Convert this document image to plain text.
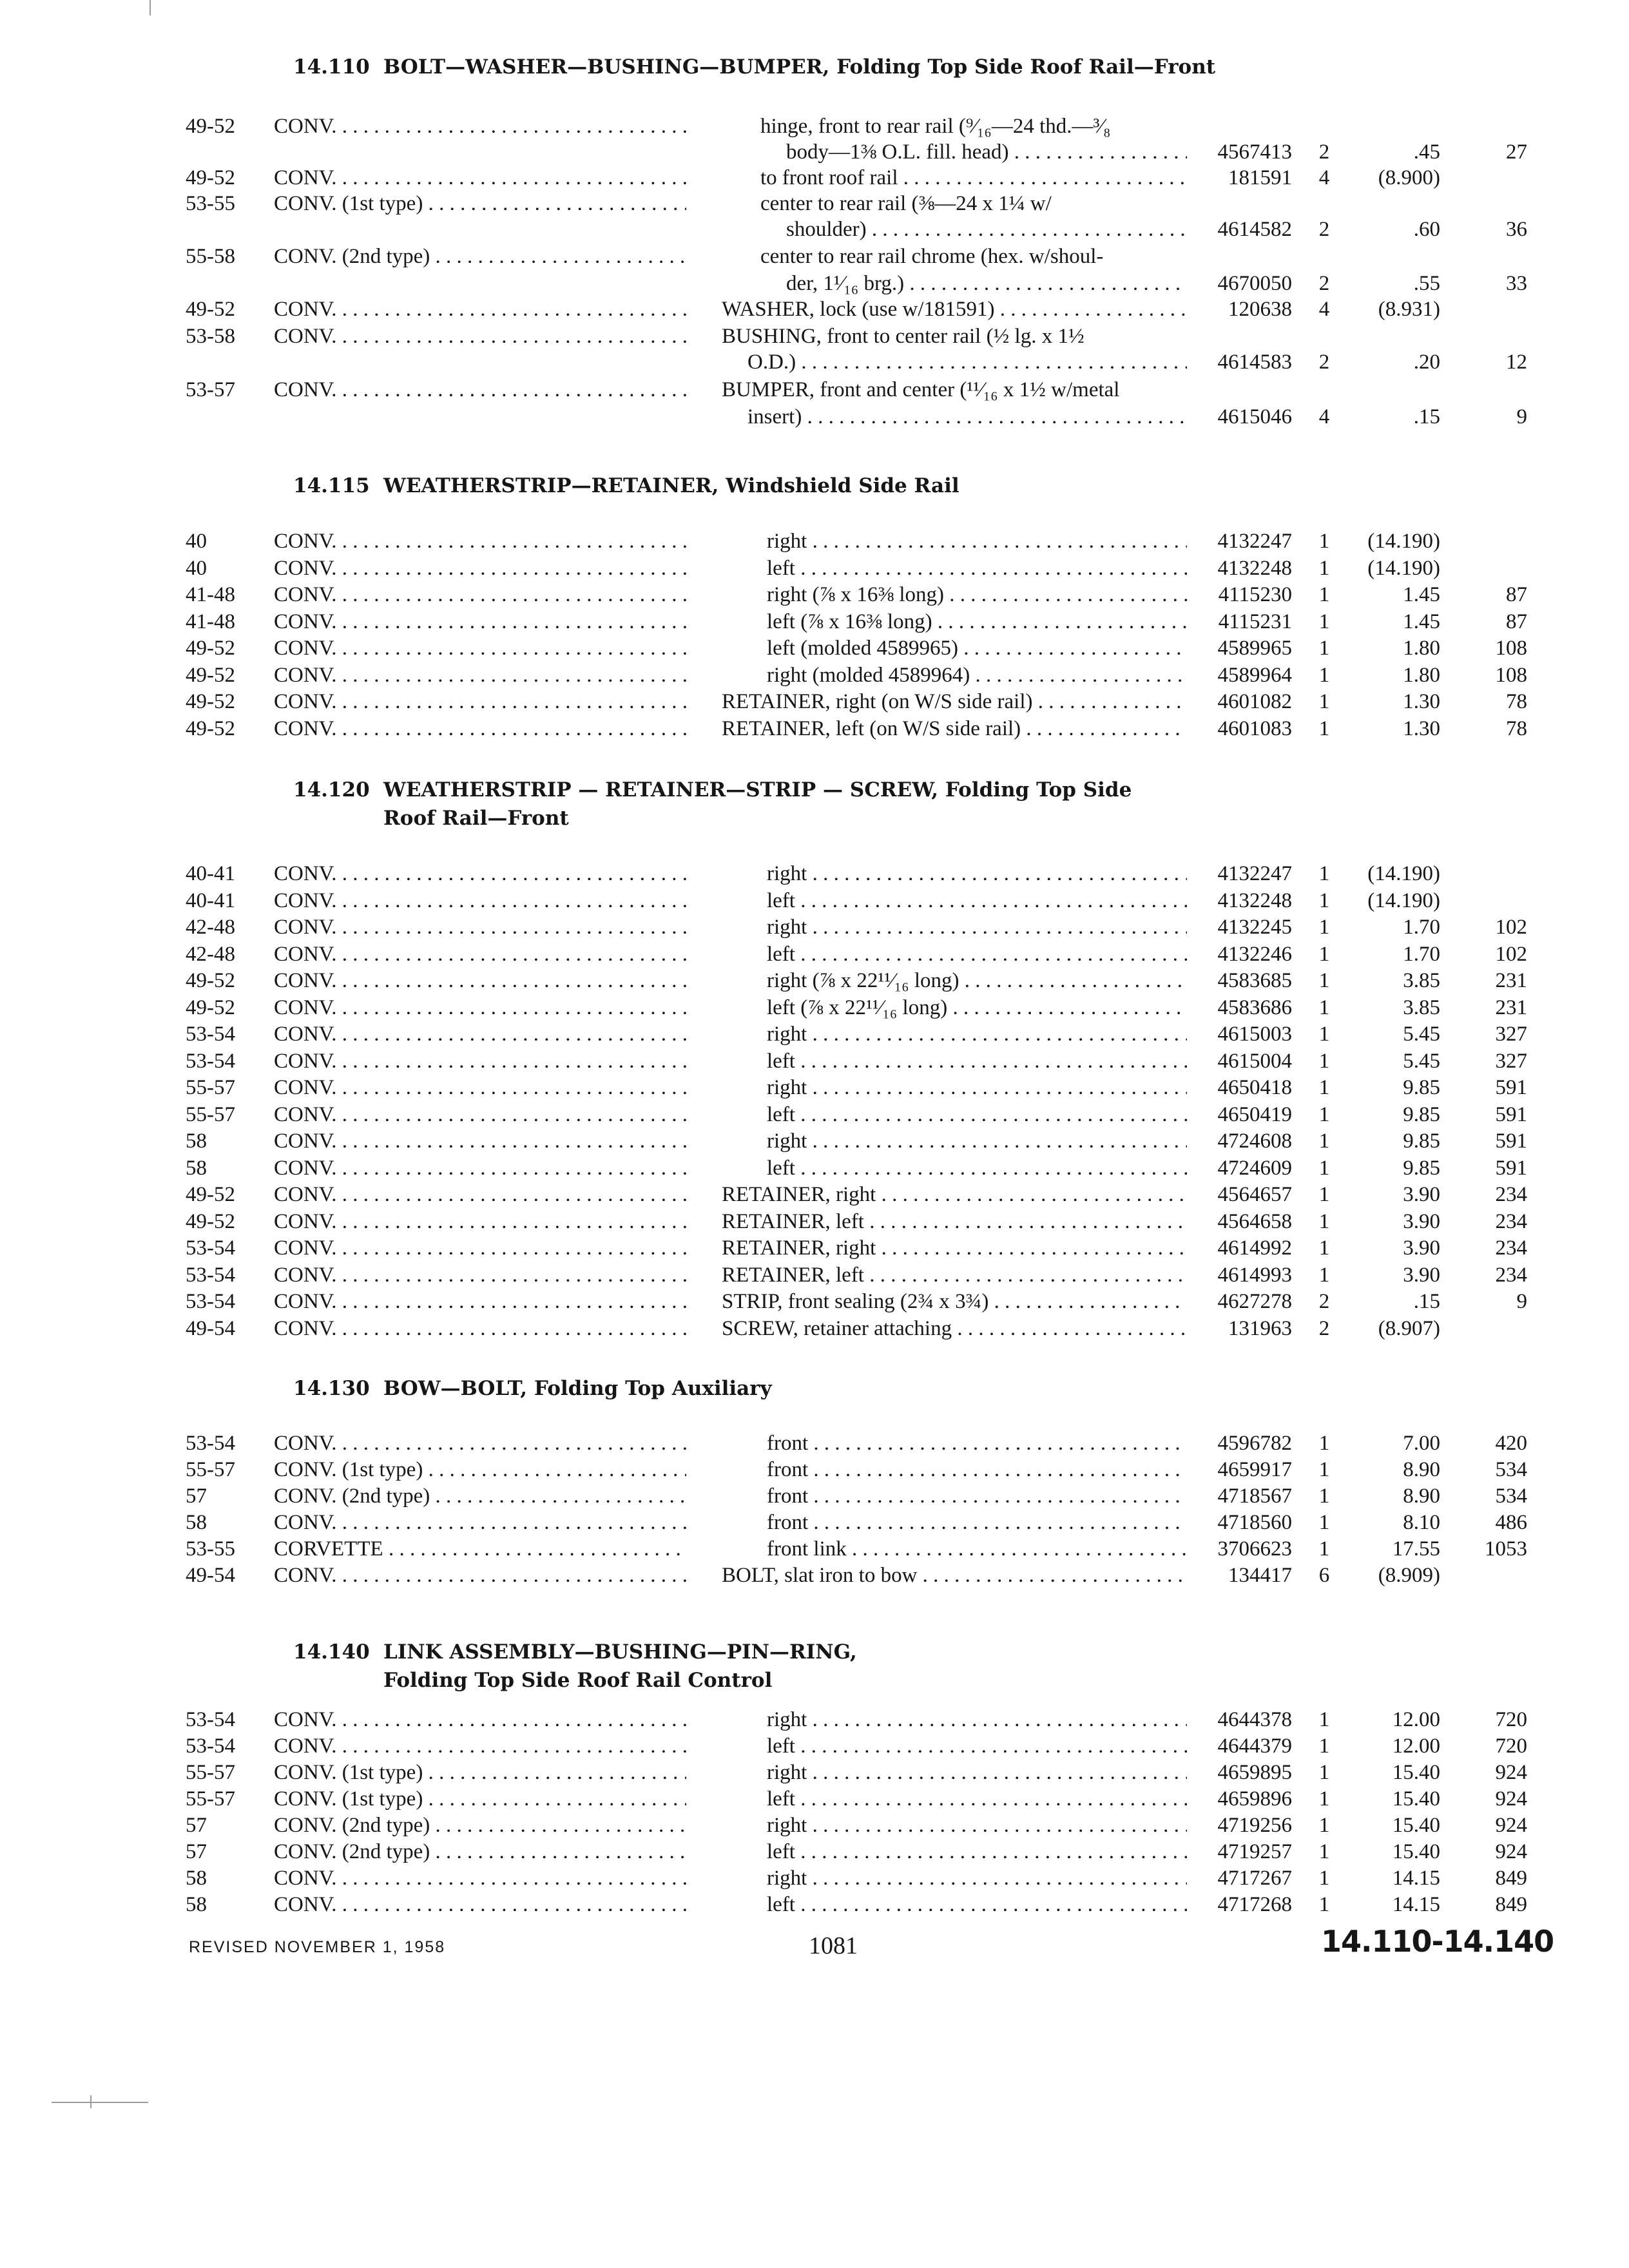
14.110 BOLT—WASHER—BUSHING—BUMPER, Folding Top Side Roof Rail—Front
49-52 CONV. . . .	hinge, front to rear rail (⁹⁄₁₆—24 thd.—³⁄₈
body—1⅜ O.L. fill. head) . . .	4567413 2	.45	27
49-52 CONV. . . .	to front roof rail . . .	181591 4	(8.900)
53-55 CONV. (1st type) . . .	center to rear rail (⅜—24 x 1¼ w/
shoulder) . . .	4614582 2	.60	36
55-58 CONV. (2nd type) . . .	center to rear rail chrome (hex. w/shoul-
der, 1¹⁄₁₆ brg.) . . .	4670050 2	.55	33
49-52 CONV. . . .	WASHER, lock (use w/181591) . . .	120638 4	(8.931)
53-58 CONV. . . .	BUSHING, front to center rail (½ lg. x 1½
O.D.) . . .	4614583 2	.20	12
53-57 CONV. . . .	BUMPER, front and center (¹¹⁄₁₆ x 1½ w/metal
insert) . . .	4615046 4	.15	9
14.115 WEATHERSTRIP—RETAINER, Windshield Side Rail
40	CONV. . . .	right . . .	4132247 1	(14.190)
40	CONV. . . .	left . . .	4132248 1	(14.190)
41-48 CONV. . . .	right (⅞ x 16⅜ long) . . .	4115230 1	1.45	87
41-48 CONV. . . .	left (⅞ x 16⅜ long) . . .	4115231 1	1.45	87
49-52 CONV. . . .	left (molded 4589965) . . .	4589965 1	1.80	108
49-52 CONV. . . .	right (molded 4589964) . . .	4589964 1	1.80	108
49-52 CONV. . . .	RETAINER, right (on W/S side rail) . . .	4601082 1	1.30	78
49-52 CONV. . . .	RETAINER, left (on W/S side rail) . . .	4601083 1	1.30	78
14.120 WEATHERSTRIP — RETAINER—STRIP — SCREW, Folding Top Side
Roof Rail—Front
40-41 CONV. . . .	right . . .	4132247 1	(14.190)
40-41 CONV. . . .	left . . .	4132248 1	(14.190)
42-48 CONV. . . .	right . . .	4132245 1	1.70	102
42-48 CONV. . . .	left . . .	4132246 1	1.70	102
49-52 CONV. . . .	right (⅞ x 22¹¹⁄₁₆ long) . . .	4583685 1	3.85	231
49-52 CONV. . . .	left (⅞ x 22¹¹⁄₁₆ long) . . .	4583686 1	3.85	231
53-54 CONV. . . .	right . . .	4615003 1	5.45	327
53-54 CONV. . . .	left . . .	4615004 1	5.45	327
55-57 CONV. . . .	right . . .	4650418 1	9.85	591
55-57 CONV. . . .	left . . .	4650419 1	9.85	591
58	CONV. . . .	right . . .	4724608 1	9.85	591
58	CONV. . . .	left . . .	4724609 1	9.85	591
49-52 CONV. . . .	RETAINER, right . . .	4564657 1	3.90	234
49-52 CONV. . . .	RETAINER, left . . .	4564658 1	3.90	234
53-54 CONV. . . .	RETAINER, right . . .	4614992 1	3.90	234
53-54 CONV. . . .	RETAINER, left . . .	4614993 1	3.90	234
53-54 CONV. . . .	STRIP, front sealing (2¾ x 3¾) . . .	4627278 2	.15	9
49-54 CONV. . . .	SCREW, retainer attaching . . .	131963 2	(8.907)
14.130 BOW—BOLT, Folding Top Auxiliary
53-54 CONV. . . .	front . . .	4596782 1	7.00	420
55-57 CONV. (1st type) . . .	front . . .	4659917 1	8.90	534
57	CONV. (2nd type) . . .	front . . .	4718567 1	8.90	534
58	CONV. . . .	front . . .	4718560 1	8.10	486
53-55 CORVETTE . . .	front link . . .	3706623 1	17.55	1053
49-54 CONV. . . .	BOLT, slat iron to bow . . .	134417 6	(8.909)
14.140 LINK ASSEMBLY—BUSHING—PIN—RING,
Folding Top Side Roof Rail Control
53-54 CONV. . . .	right . . .	4644378 1	12.00	720
53-54 CONV. . . .	left . . .	4644379 1	12.00	720
55-57 CONV. (1st type) . . .	right . . .	4659895 1	15.40	924
55-57 CONV. (1st type) . . .	left . . .	4659896 1	15.40	924
57	CONV. (2nd type) . . .	right . . .	4719256 1	15.40	924
57	CONV. (2nd type) . . .	left . . .	4719257 1	15.40	924
58	CONV. . . .	right . . .	4717267 1	14.15	849
58	CONV. . . .	left . . .	4717268 1	14.15	849
REVISED NOVEMBER 1, 1958	1081	14.110-14.140
